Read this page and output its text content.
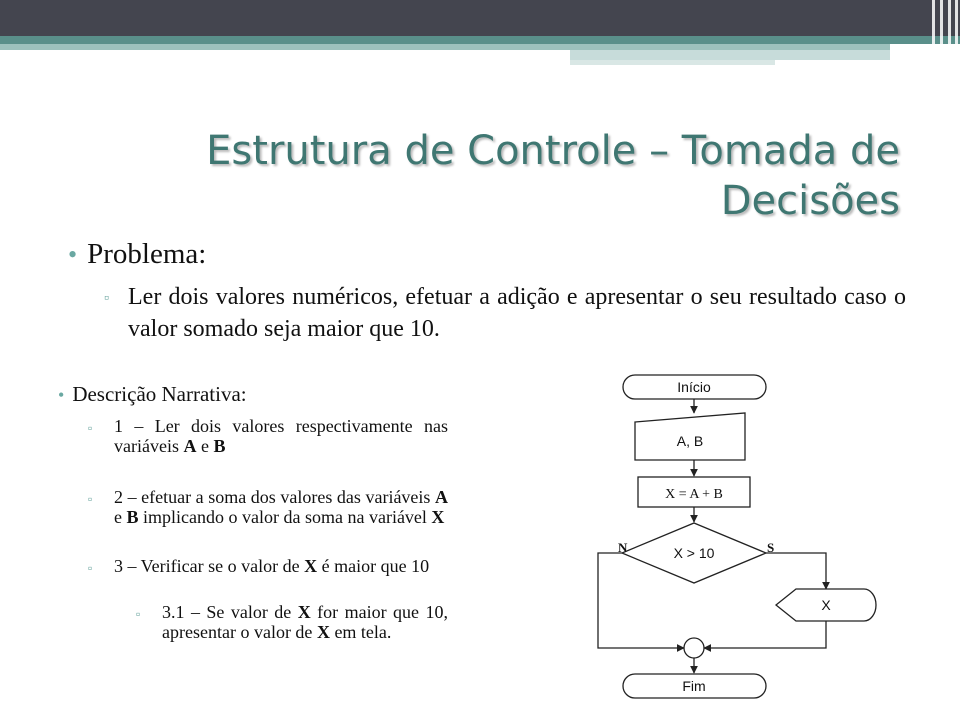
Estrutura de Controle – Tomada de
Decisões
• Problema:
▫ Ler dois valores numéricos, efetuar a adição e apresentar o seu resultado caso o valor somado seja maior que 10.
• Descrição Narrativa:
▫	1 – Ler dois valores respectivamente nas variáveis A e B
▫	2 – efetuar a soma dos valores das variáveis A e B implicando o valor da soma na variável X
▫	3 – Verificar se o valor de X é maior que 10
▫	3.1 – Se valor de X for maior que 10, apresentar o valor de X em tela.
Início
A, B
X = A + B
X > 10
N	S
X
Fim
